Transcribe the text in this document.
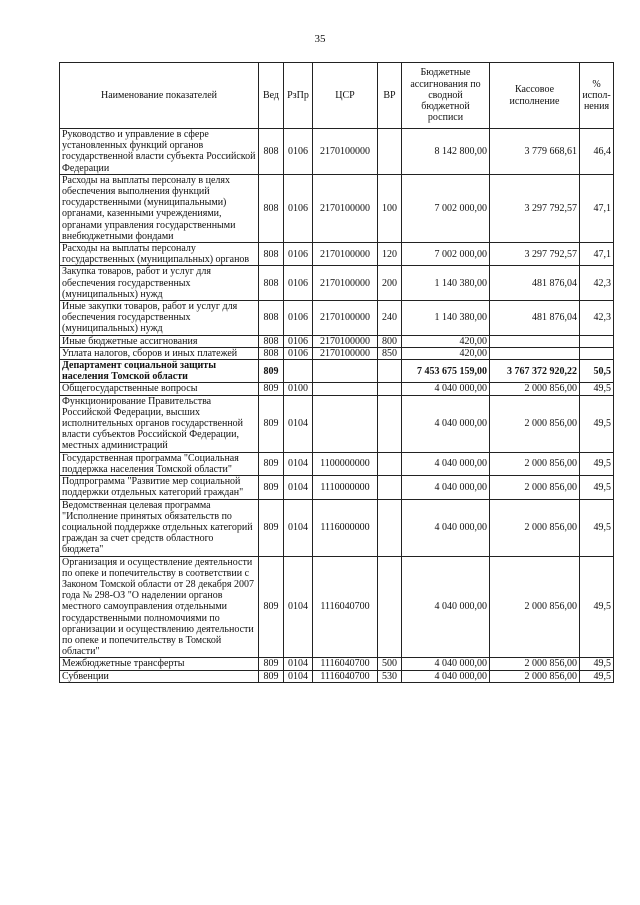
35
Наименование показателей	Вед	РзПр	ЦСР	ВР	Бюджетные ассигнования по сводной бюджетной росписи	Кассовое исполнение	% испол-нения
Руководство и управление в сфере установленных функций органов государственной власти субъекта Российской Федерации	808	0106	2170100000		8 142 800,00	3 779 668,61	46,4
Расходы на выплаты персоналу в целях обеспечения выполнения функций государственными (муниципальными) органами, казенными учреждениями, органами управления государственными внебюджетными фондами	808	0106	2170100000	100	7 002 000,00	3 297 792,57	47,1
Расходы на выплаты персоналу государственных (муниципальных) органов	808	0106	2170100000	120	7 002 000,00	3 297 792,57	47,1
Закупка товаров, работ и услуг для обеспечения государственных (муниципальных) нужд	808	0106	2170100000	200	1 140 380,00	481 876,04	42,3
Иные закупки товаров, работ и услуг для обеспечения государственных (муниципальных) нужд	808	0106	2170100000	240	1 140 380,00	481 876,04	42,3
Иные бюджетные ассигнования	808	0106	2170100000	800	420,00		
Уплата налогов, сборов и иных платежей	808	0106	2170100000	850	420,00		
Департамент социальной защиты населения Томской области	809				7 453 675 159,00	3 767 372 920,22	50,5
Общегосударственные вопросы	809	0100			4 040 000,00	2 000 856,00	49,5
Функционирование Правительства Российской Федерации, высших исполнительных органов государственной власти субъектов Российской Федерации, местных администраций	809	0104			4 040 000,00	2 000 856,00	49,5
Государственная программа "Социальная поддержка населения Томской области"	809	0104	1100000000		4 040 000,00	2 000 856,00	49,5
Подпрограмма "Развитие мер социальной поддержки отдельных категорий граждан"	809	0104	1110000000		4 040 000,00	2 000 856,00	49,5
Ведомственная целевая программа "Исполнение принятых обязательств по социальной поддержке отдельных категорий граждан за счет средств областного бюджета"	809	0104	1116000000		4 040 000,00	2 000 856,00	49,5
Организация и осуществление деятельности по опеке и попечительству в соответствии с Законом Томской области от 28 декабря 2007 года № 298-ОЗ "О наделении органов местного самоуправления отдельными государственными полномочиями по организации и осуществлению деятельности по опеке и попечительству в Томской области"	809	0104	1116040700		4 040 000,00	2 000 856,00	49,5
Межбюджетные трансферты	809	0104	1116040700	500	4 040 000,00	2 000 856,00	49,5
Субвенции	809	0104	1116040700	530	4 040 000,00	2 000 856,00	49,5
